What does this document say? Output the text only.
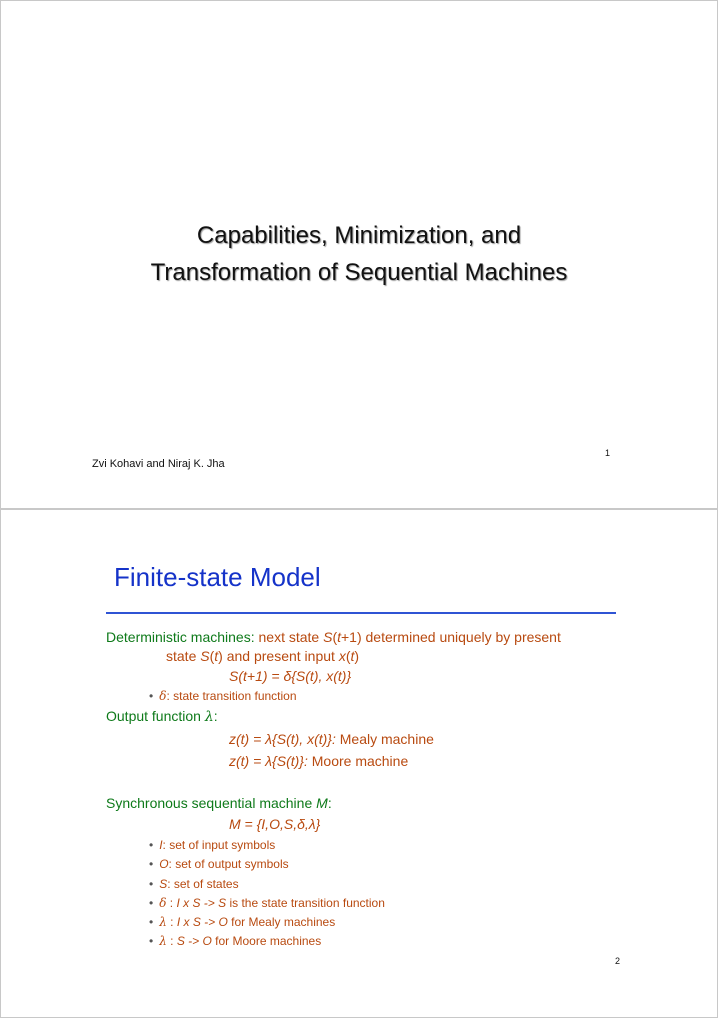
Capabilities, Minimization, and
Transformation of Sequential Machines
1
Zvi Kohavi and Niraj K. Jha
Finite-state Model
Deterministic machines: next state S(t+1) determined uniquely by present
state S(t) and present input x(t)
S(t+1) = δ{S(t), x(t)}
• δ: state transition function
Output function λ:
z(t) = λ{S(t), x(t)}: Mealy machine
z(t) = λ{S(t)}: Moore machine
Synchronous sequential machine M:
M = {I,O,S,δ,λ}
• I: set of input symbols
• O: set of output symbols
• S: set of states
• δ : I x S -> S is the state transition function
• λ : I x S -> O for Mealy machines
• λ : S -> O for Moore machines
2
